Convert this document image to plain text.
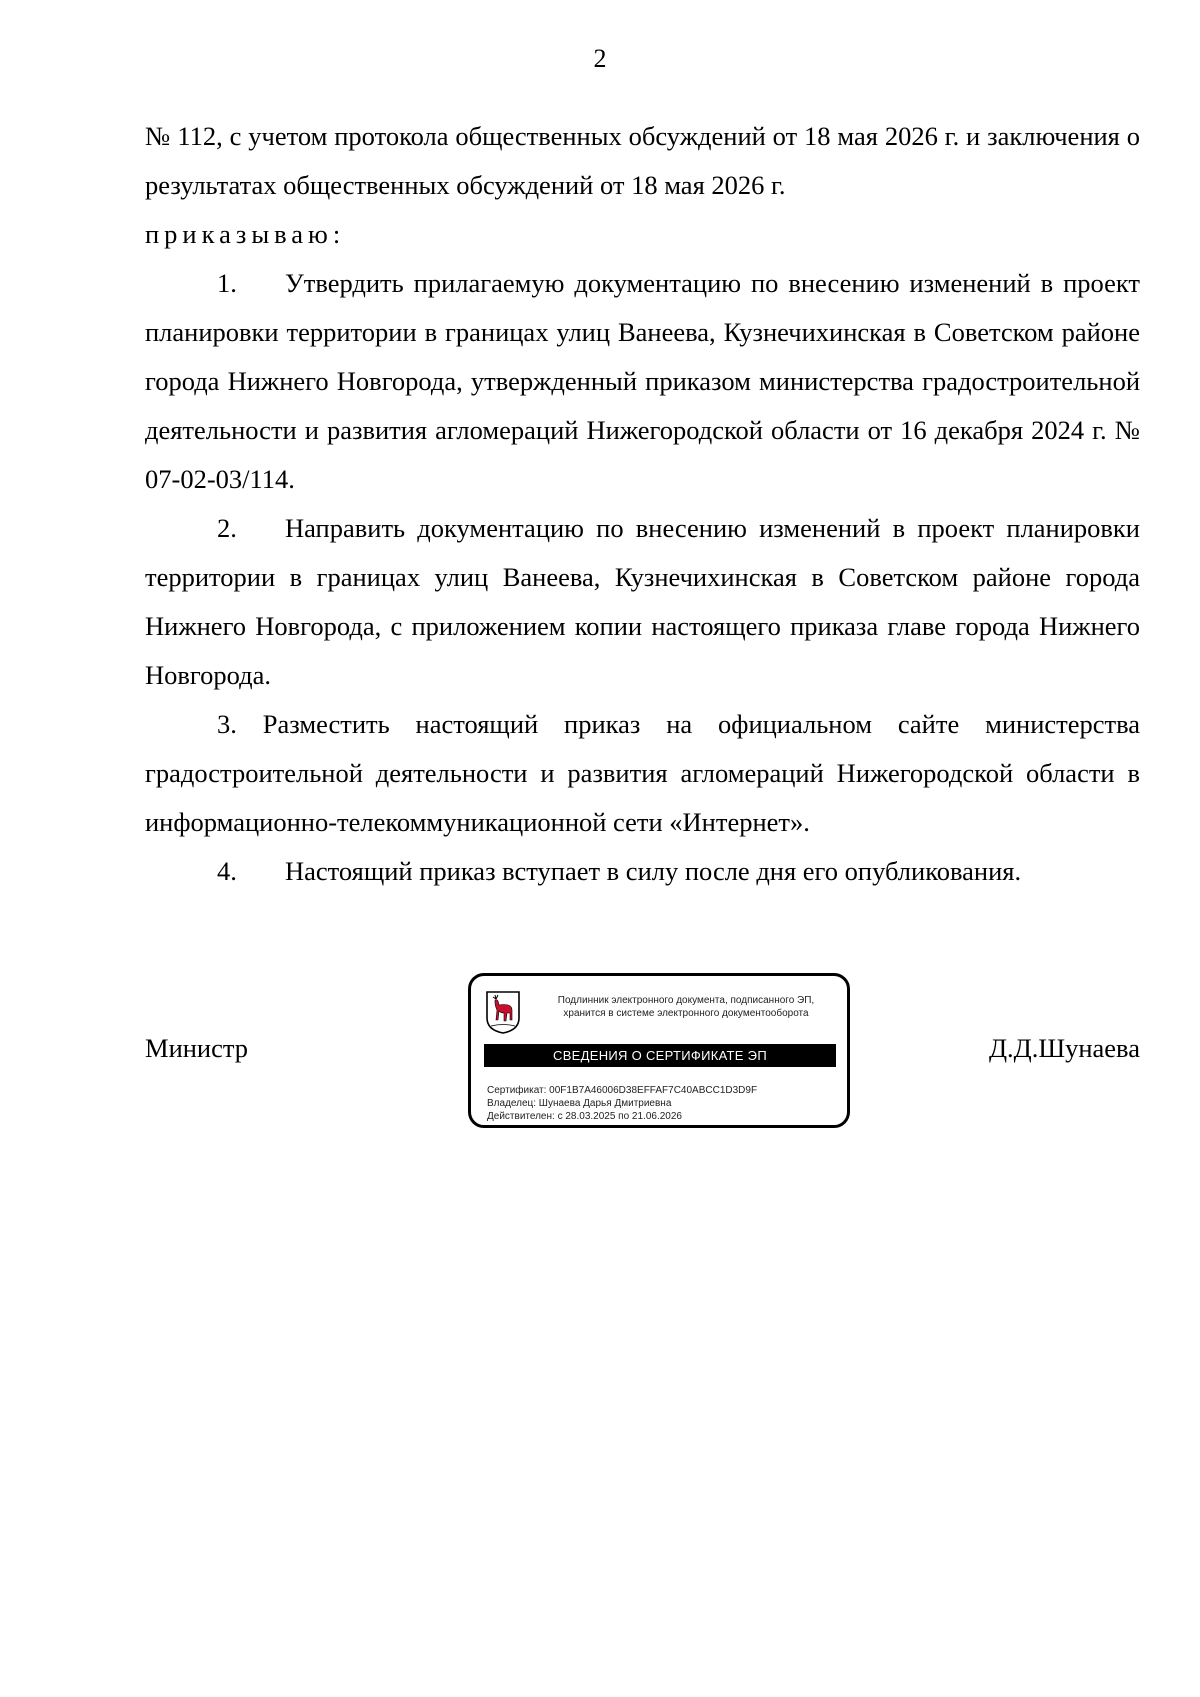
2

№ 112, с учетом протокола общественных обсуждений от 18 мая 2026 г. и заключения о результатах общественных обсуждений от 18 мая 2026 г.

приказываю:

1. Утвердить прилагаемую документацию по внесению изменений в проект планировки территории в границах улиц Ванеева, Кузнечихинская в Советском районе города Нижнего Новгорода, утвержденный приказом министерства градостроительной деятельности и развития агломераций Нижегородской области от 16 декабря 2024 г. № 07-02-03/114.

2. Направить документацию по внесению изменений в проект планировки территории в границах улиц Ванеева, Кузнечихинская в Советском районе города Нижнего Новгорода, с приложением копии настоящего приказа главе города Нижнего Новгорода.

3. Разместить настоящий приказ на официальном сайте министерства градостроительной деятельности и развития агломераций Нижегородской области в информационно-телекоммуникационной сети «Интернет».

4. Настоящий приказ вступает в силу после дня его опубликования.

Министр	Д.Д.Шунаева
Подлинник электронного документа, подписанного ЭП,
хранится в системе электронного документооборота
СВЕДЕНИЯ О СЕРТИФИКАТЕ ЭП
Сертификат: 00F1B7A46006D38EFFAF7C40ABCC1D3D9F
Владелец: Шунаева Дарья Дмитриевна
Действителен: с 28.03.2025 по 21.06.2026
